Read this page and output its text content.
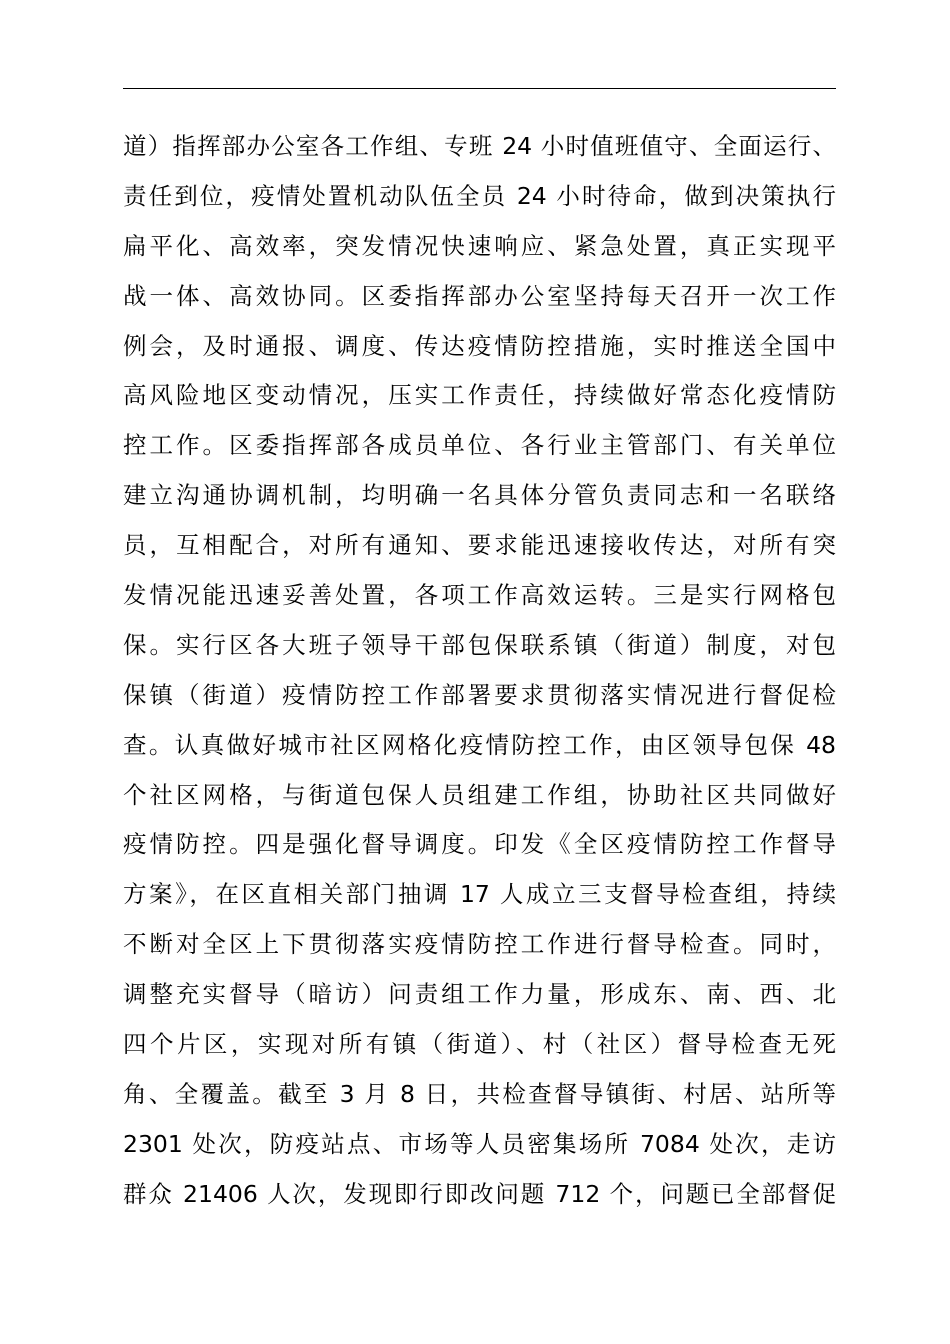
道）指挥部办公室各工作组、专班 24 小时值班值守、全面运行、
责任到位，疫情处置机动队伍全员 24 小时待命，做到决策执行
扁平化、高效率，突发情况快速响应、紧急处置，真正实现平
战一体、高效协同。区委指挥部办公室坚持每天召开一次工作
例会，及时通报、调度、传达疫情防控措施，实时推送全国中
高风险地区变动情况，压实工作责任，持续做好常态化疫情防
控工作。区委指挥部各成员单位、各行业主管部门、有关单位
建立沟通协调机制，均明确一名具体分管负责同志和一名联络
员，互相配合，对所有通知、要求能迅速接收传达，对所有突
发情况能迅速妥善处置，各项工作高效运转。三是实行网格包
保。实行区各大班子领导干部包保联系镇（街道）制度，对包
保镇（街道）疫情防控工作部署要求贯彻落实情况进行督促检
查。认真做好城市社区网格化疫情防控工作，由区领导包保 48
个社区网格，与街道包保人员组建工作组，协助社区共同做好
疫情防控。四是强化督导调度。印发《全区疫情防控工作督导
方案》，在区直相关部门抽调 17 人成立三支督导检查组，持续
不断对全区上下贯彻落实疫情防控工作进行督导检查。同时，
调整充实督导（暗访）问责组工作力量，形成东、南、西、北
四个片区，实现对所有镇（街道）、村（社区）督导检查无死
角、全覆盖。截至 3 月 8 日，共检查督导镇街、村居、站所等
2301 处次，防疫站点、市场等人员密集场所 7084 处次，走访
群众 21406 人次，发现即行即改问题 712 个，问题已全部督促
